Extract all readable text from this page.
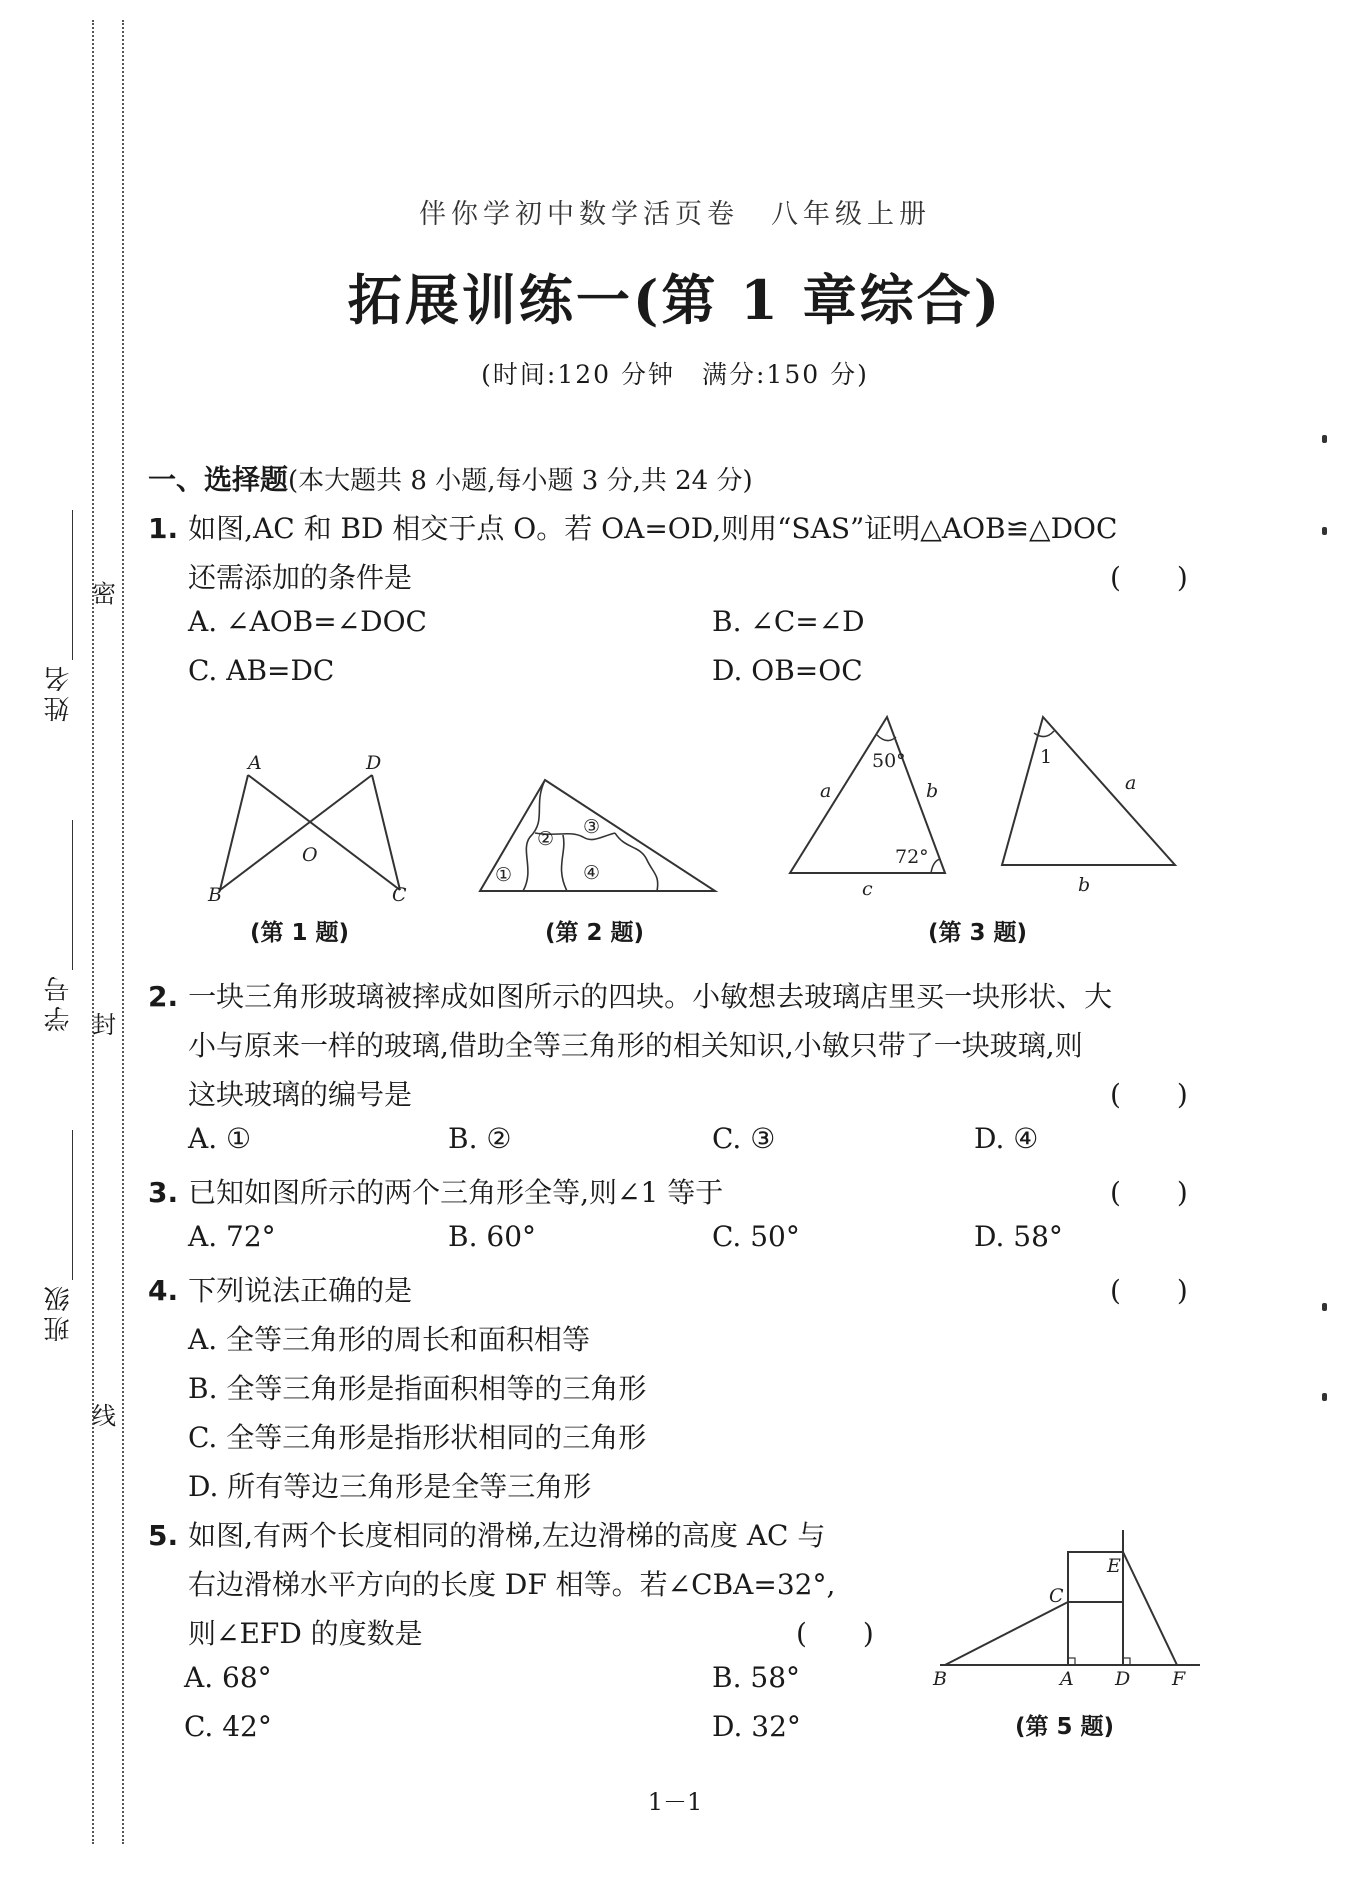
姓名
学号
班级
密
封
线
伴你学初中数学活页卷　八年级上册
拓展训练一(第 1 章综合)
(时间:120 分钟　满分:150 分)
一、选择题(本大题共 8 小题,每小题 3 分,共 24 分)
1. 如图,AC 和 BD 相交于点 O。若 OA=OD,则用“SAS”证明△AOB≌△DOC
还需添加的条件是	(　　)
A. ∠AOB=∠DOC	B. ∠C=∠D
C. AB=DC	D. OB=OC
A	D
O
B	C
(第 1 题)
①
②
③
④
(第 2 题)
50°
a	b
72°
c
1
a
b
(第 3 题)
2. 一块三角形玻璃被摔成如图所示的四块。小敏想去玻璃店里买一块形状、大
小与原来一样的玻璃,借助全等三角形的相关知识,小敏只带了一块玻璃,则
这块玻璃的编号是	(　　)
A. ①	B. ②	C. ③	D. ④
3. 已知如图所示的两个三角形全等,则∠1 等于	(　　)
A. 72°	B. 60°	C. 50°	D. 58°
4. 下列说法正确的是	(　　)
A. 全等三角形的周长和面积相等
B. 全等三角形是指面积相等的三角形
C. 全等三角形是指形状相同的三角形
D. 所有等边三角形是全等三角形
5. 如图,有两个长度相同的滑梯,左边滑梯的高度 AC 与
右边滑梯水平方向的长度 DF 相等。若∠CBA=32°,
则∠EFD 的度数是	(　　)
A. 68°	B. 58°
C. 42°	D. 32°
E
C
B	A D F
(第 5 题)
1－1
